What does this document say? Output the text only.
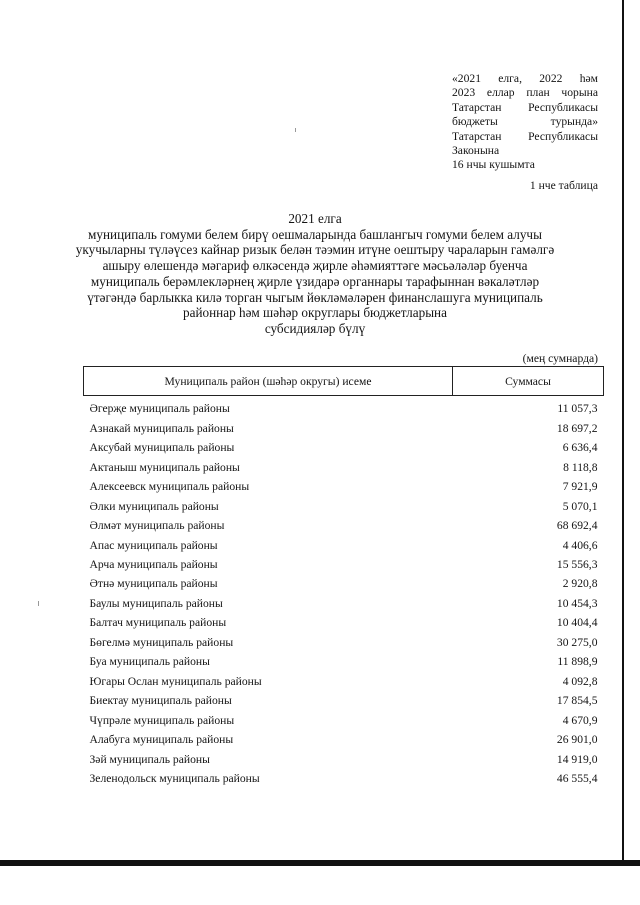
«2021 елга, 2022 һәм
2023 еллар план чорына
Татарстан Республикасы
бюджеты	турында»
Татарстан Республикасы
Законына
16 нчы кушымта
1 нче таблица
2021 елга
муниципаль гомуми белем бирү оешмаларында башлангыч гомуми белем алучы
укучыларны түләүсез кайнар ризык белән тәэмин итүне оештыру чараларын гамәлгә
ашыру өлешендә мәгариф өлкәсендә җирле әһәмияттәге мәсьәләләр буенча
муниципаль берәмлекләрнең җирле үзидарә органнары тарафыннан вәкаләтләр
үтәгәндә барлыкка килә торган чыгым йөкләмәләрен финанслашуга муниципаль
районнар һәм шәһәр округлары бюджетларына
субсидияләр бүлү
(мең сумнарда)
Муниципаль район (шәһәр округы) исеме	Суммасы
Әгерҗе муниципаль районы	11 057,3
Азнакай муниципаль районы	18 697,2
Аксубай муниципаль районы	6 636,4
Актаныш муниципаль районы	8 118,8
Алексеевск муниципаль районы	7 921,9
Әлки муниципаль районы	5 070,1
Әлмәт муниципаль районы	68 692,4
Апас муниципаль районы	4 406,6
Арча муниципаль районы	15 556,3
Әтнә муниципаль районы	2 920,8
Баулы муниципаль районы	10 454,3
Балтач муниципаль районы	10 404,4
Бөгелмә муниципаль районы	30 275,0
Буа муниципаль районы	11 898,9
Югары Ослан муниципаль районы	4 092,8
Биектау муниципаль районы	17 854,5
Чүпрәле муниципаль районы	4 670,9
Алабуга муниципаль районы	26 901,0
Зәй муниципаль районы	14 919,0
Зеленодольск муниципаль районы	46 555,4
